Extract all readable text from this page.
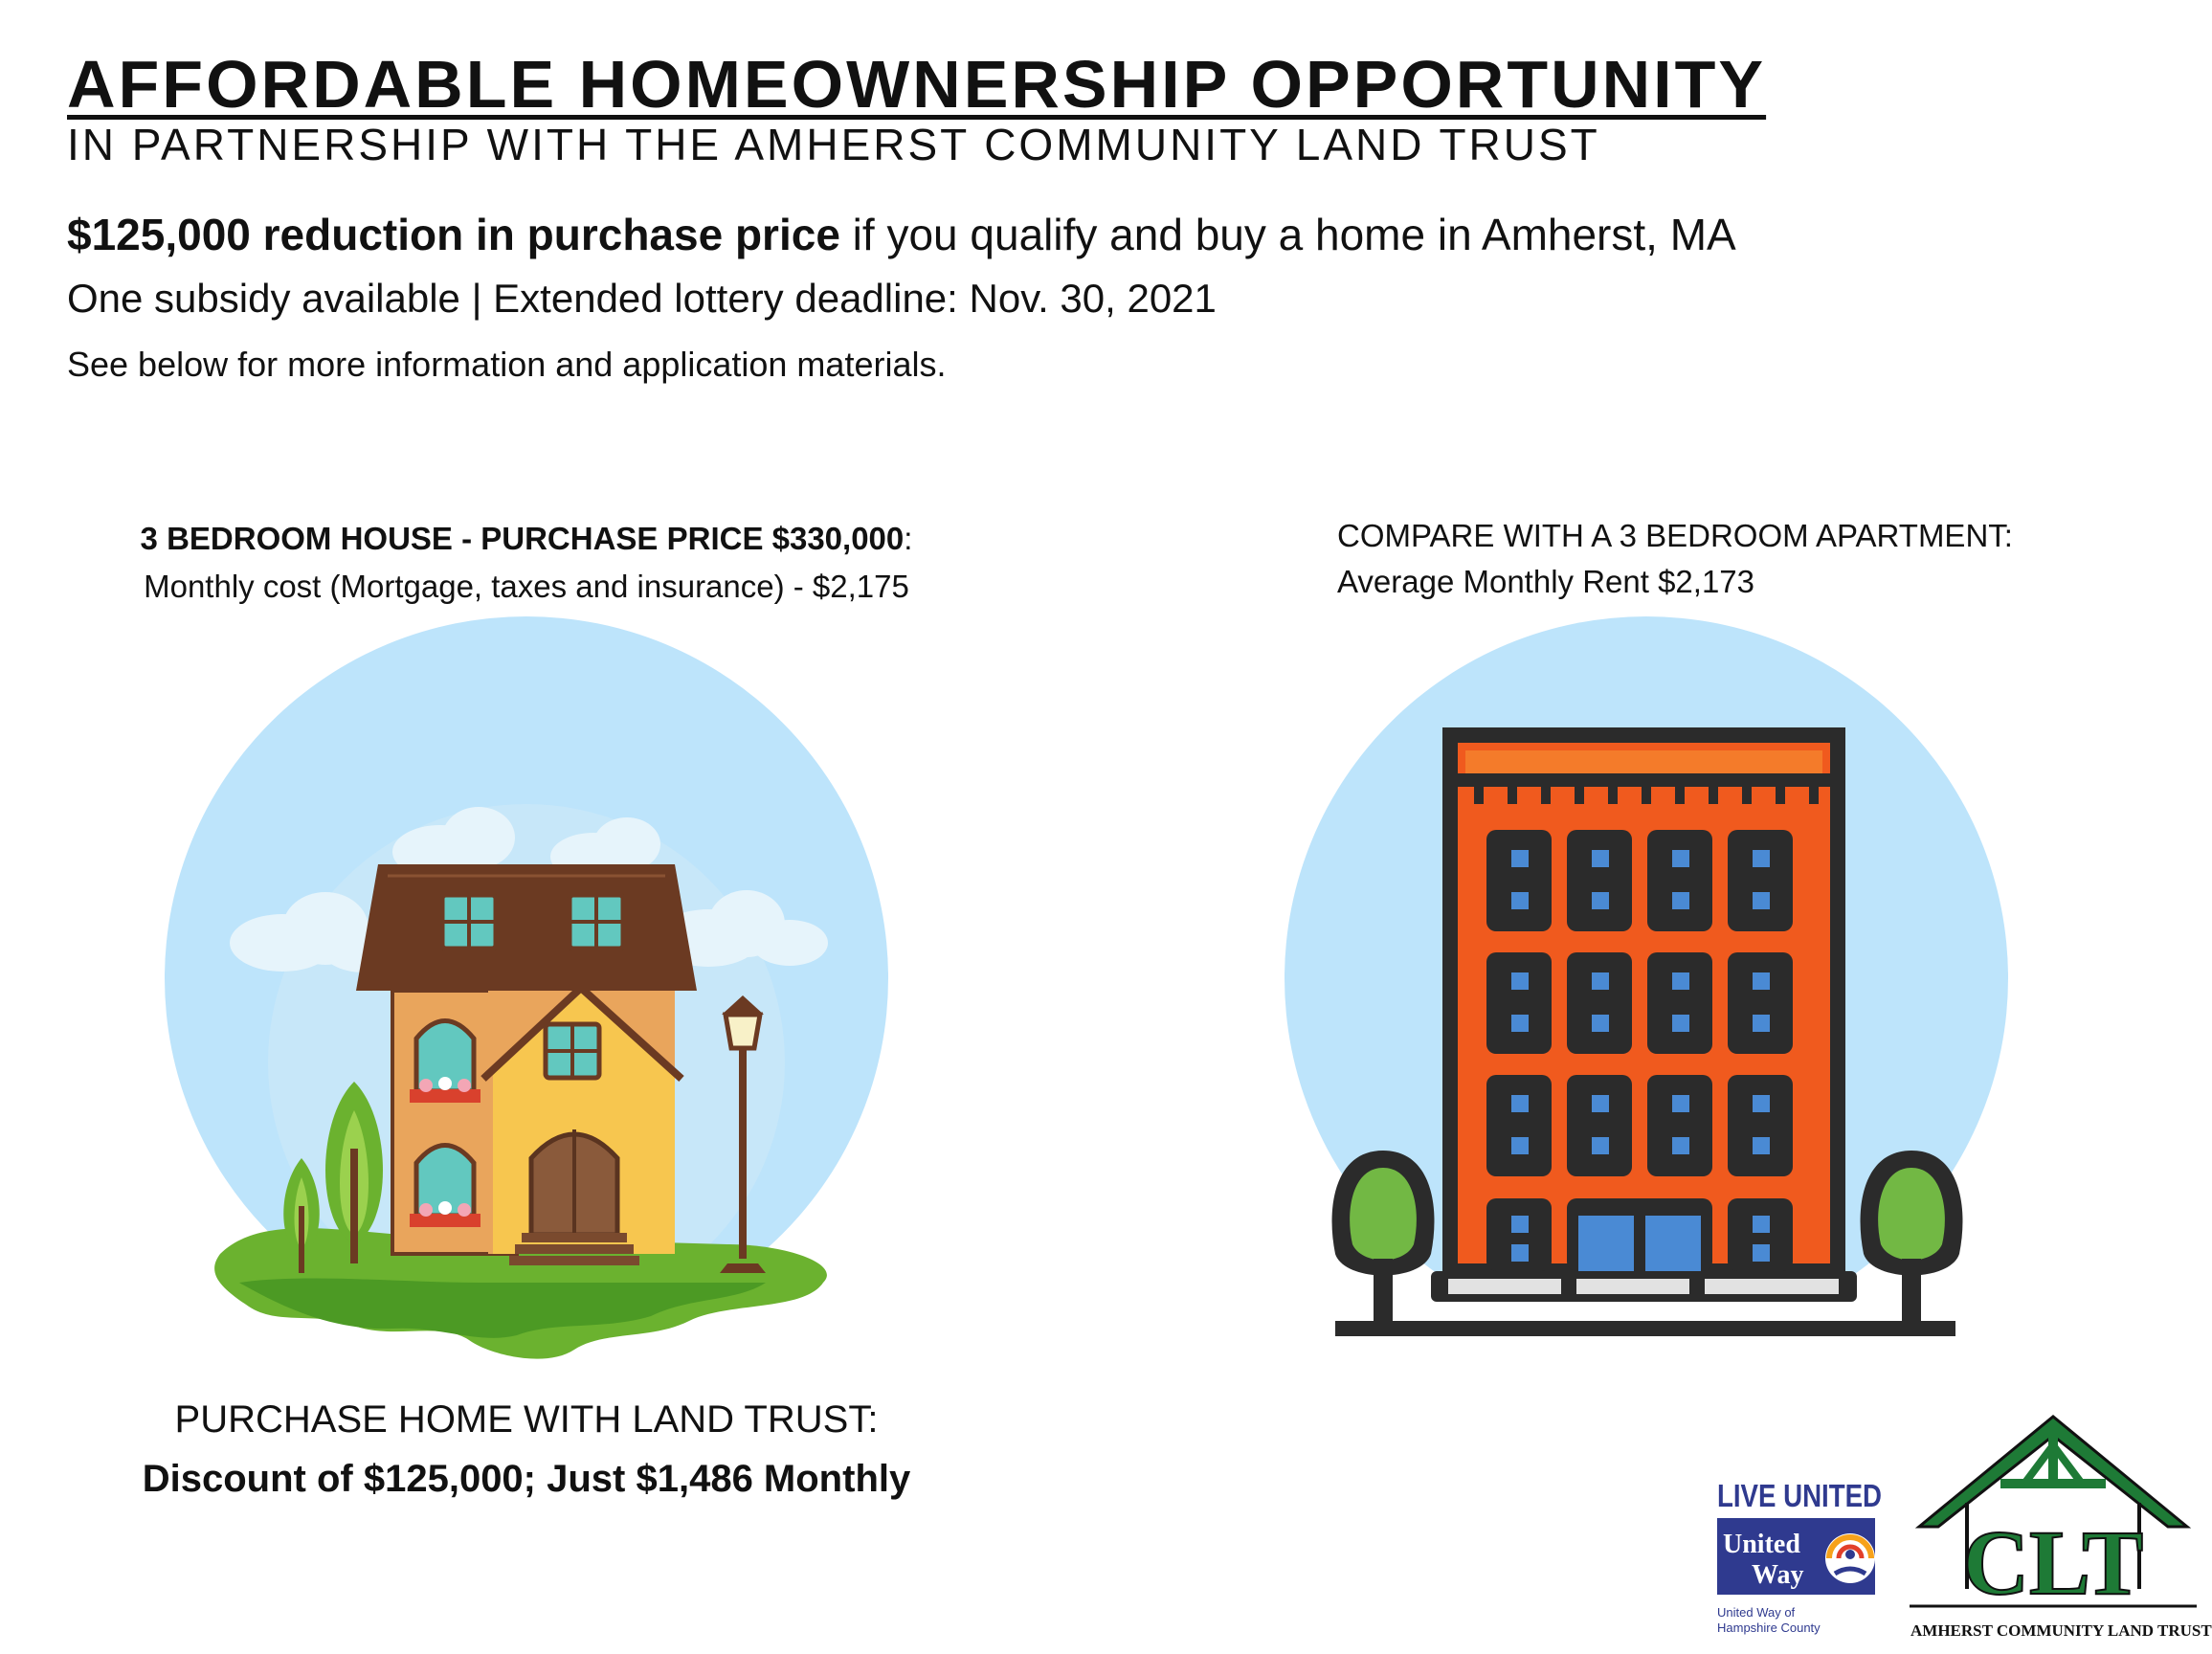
AFFORDABLE HOMEOWNERSHIP OPPORTUNITY
IN PARTNERSHIP WITH THE AMHERST COMMUNITY LAND TRUST
$125,000 reduction in purchase price if you qualify and buy a home in Amherst, MA
One subsidy available | Extended lottery deadline: Nov. 30, 2021
See below for more information and application materials.
3 BEDROOM HOUSE - PURCHASE PRICE $330,000:
Monthly cost (Mortgage, taxes and insurance) - $2,175
COMPARE WITH A 3 BEDROOM APARTMENT:
Average Monthly Rent $2,173
PURCHASE HOME WITH LAND TRUST:
Discount of $125,000; Just $1,486 Monthly	LIVE UNITED
United
Way
United Way of
Hampshire County
CLT
AMHERST COMMUNITY LAND TRUST
